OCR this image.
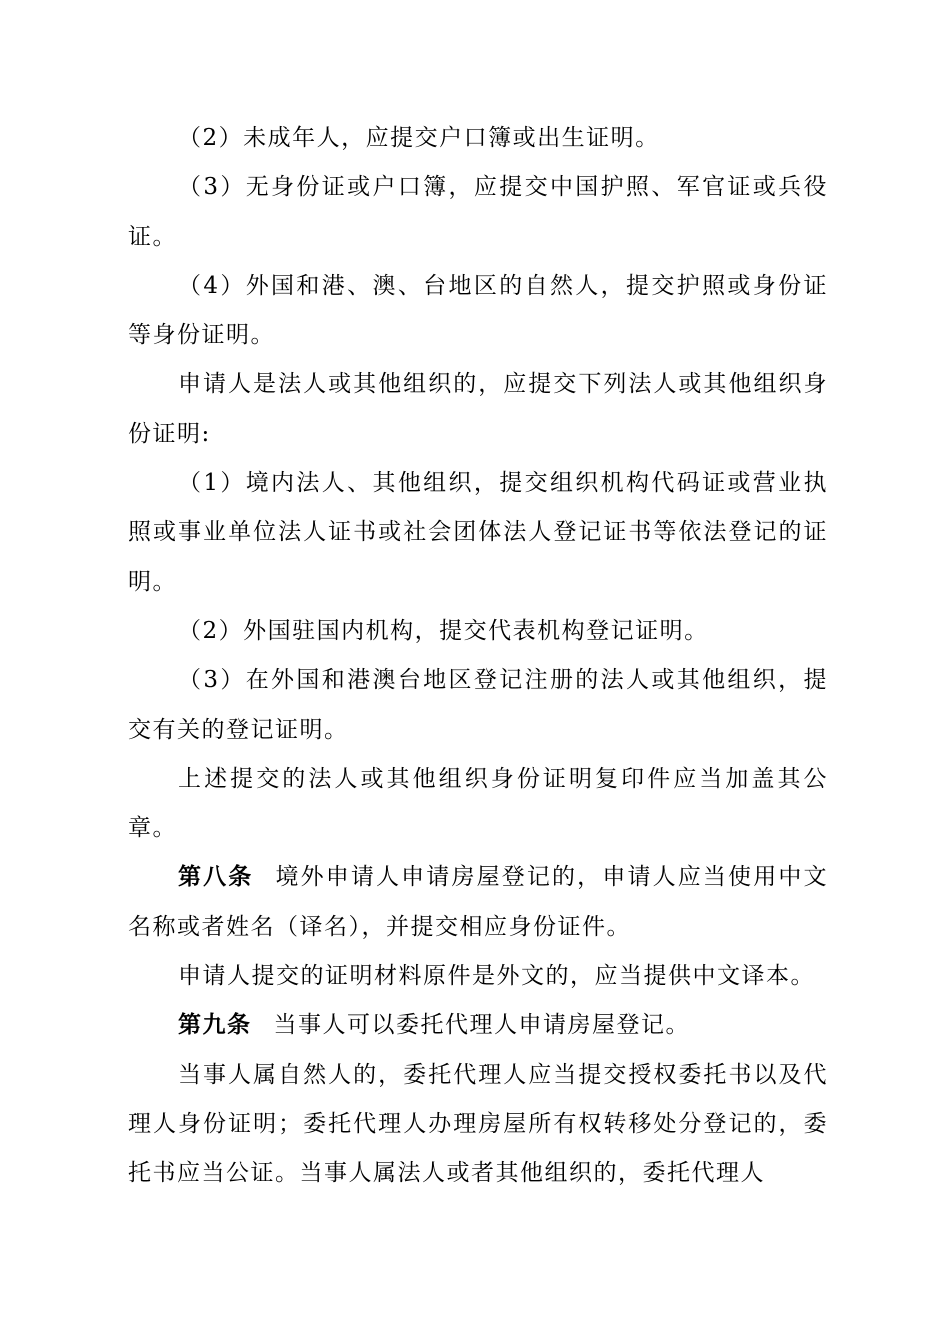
（2）未成年人，应提交户口簿或出生证明。

（3）无身份证或户口簿，应提交中国护照、军官证或兵役证。

（4）外国和港、澳、台地区的自然人，提交护照或身份证等身份证明。

申请人是法人或其他组织的，应提交下列法人或其他组织身份证明:

（1）境内法人、其他组织，提交组织机构代码证或营业执照或事业单位法人证书或社会团体法人登记证书等依法登记的证明。

（2）外国驻国内机构，提交代表机构登记证明。

（3）在外国和港澳台地区登记注册的法人或其他组织，提交有关的登记证明。

上述提交的法人或其他组织身份证明复印件应当加盖其公章。

第八条 境外申请人申请房屋登记的，申请人应当使用中文名称或者姓名（译名），并提交相应身份证件。

申请人提交的证明材料原件是外文的，应当提供中文译本。

第九条 当事人可以委托代理人申请房屋登记。

当事人属自然人的，委托代理人应当提交授权委托书以及代理人身份证明；委托代理人办理房屋所有权转移处分登记的，委托书应当公证。当事人属法人或者其他组织的，委托代理人
